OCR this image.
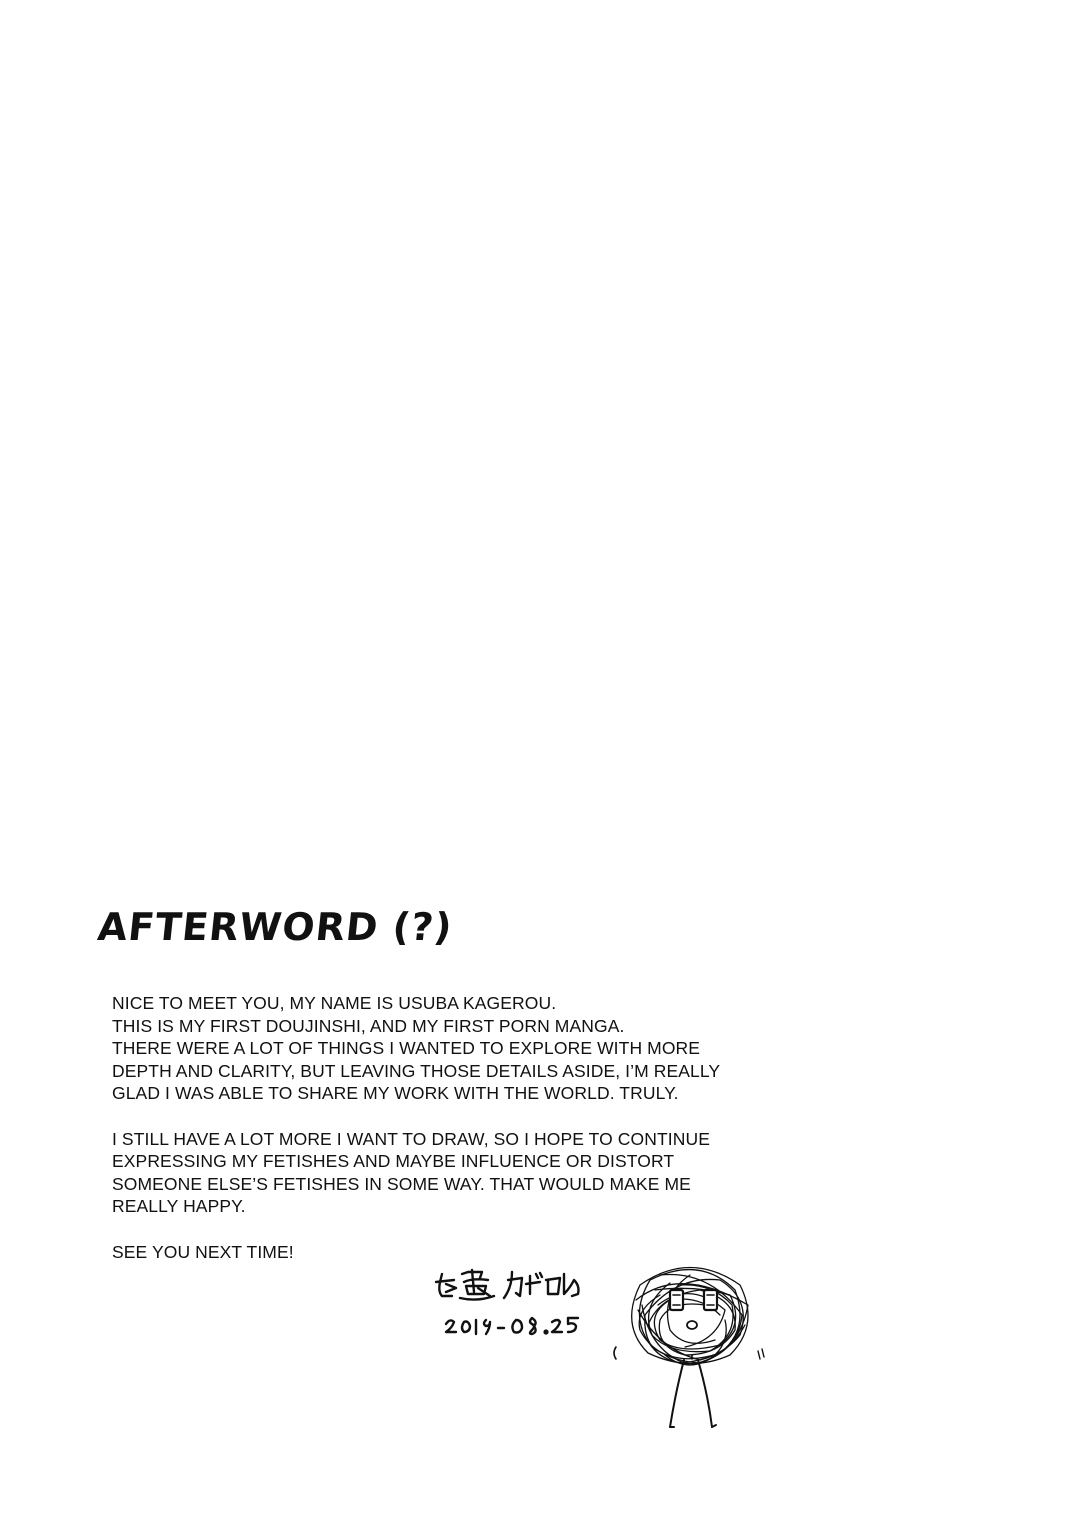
AFTERWORD (?)

NICE TO MEET YOU, MY NAME IS USUBA KAGEROU.
THIS IS MY FIRST DOUJINSHI, AND MY FIRST PORN MANGA.
THERE WERE A LOT OF THINGS I WANTED TO EXPLORE WITH MORE
DEPTH AND CLARITY, BUT LEAVING THOSE DETAILS ASIDE, I’M REALLY
GLAD I WAS ABLE TO SHARE MY WORK WITH THE WORLD. TRULY.

I STILL HAVE A LOT MORE I WANT TO DRAW, SO I HOPE TO CONTINUE
EXPRESSING MY FETISHES AND MAYBE INFLUENCE OR DISTORT
SOMEONE ELSE’S FETISHES IN SOME WAY. THAT WOULD MAKE ME
REALLY HAPPY.

SEE YOU NEXT TIME!
